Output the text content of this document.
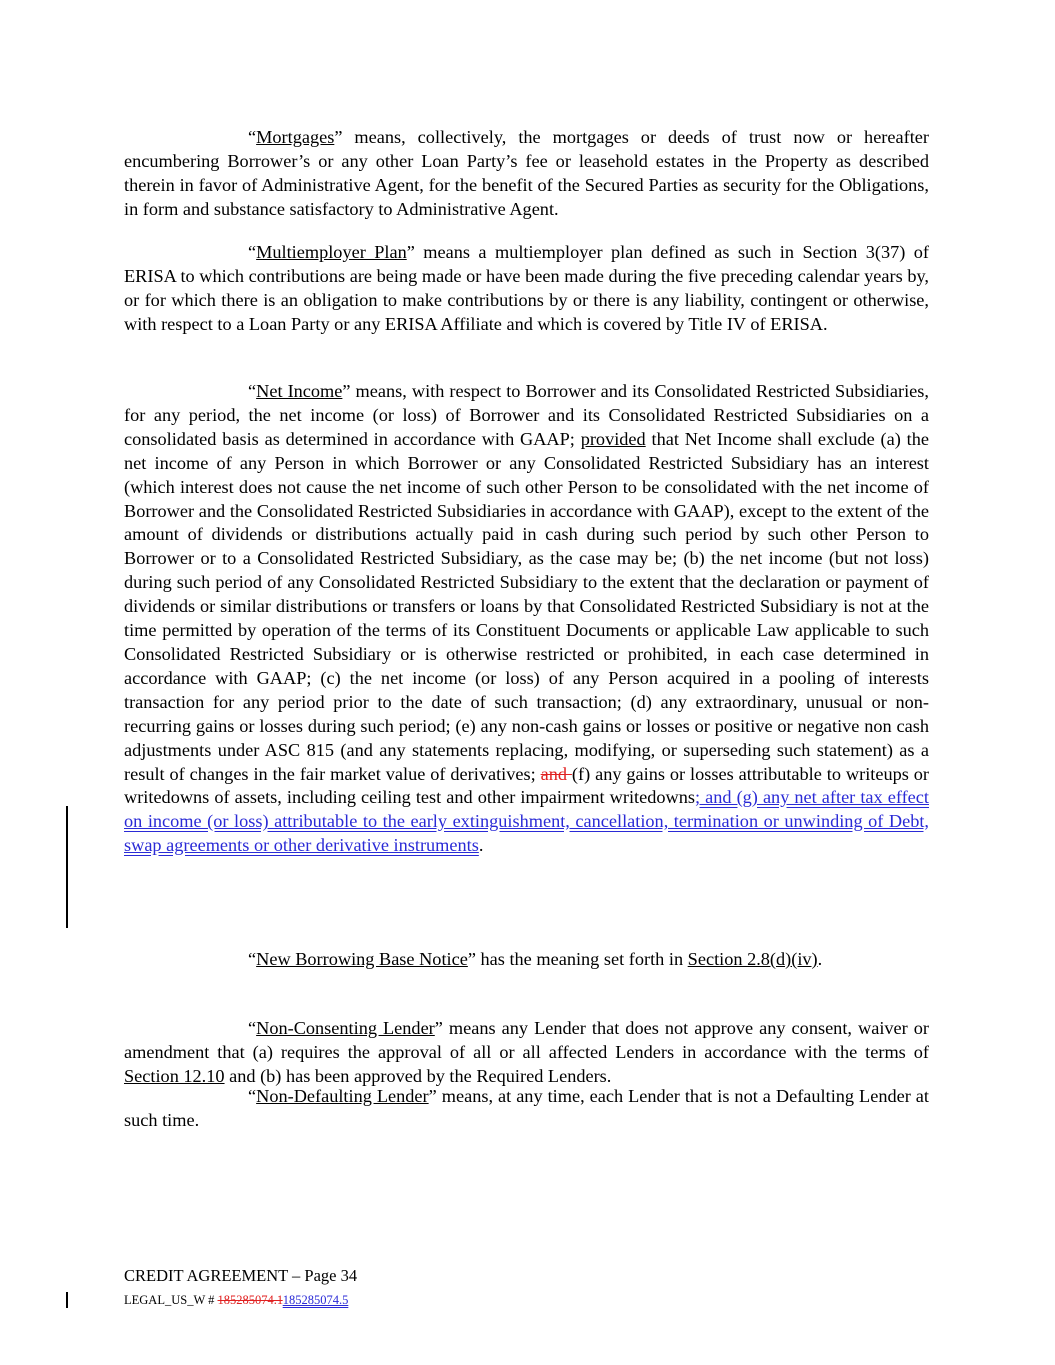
“Mortgages” means, collectively, the mortgages or deeds of trust now or hereafter encumbering Borrower’s or any other Loan Party’s fee or leasehold estates in the Property as described therein in favor of Administrative Agent, for the benefit of the Secured Parties as security for the Obligations, in form and substance satisfactory to Administrative Agent.

“Multiemployer Plan” means a multiemployer plan defined as such in Section 3(37) of ERISA to which contributions are being made or have been made during the five preceding calendar years by, or for which there is an obligation to make contributions by or there is any liability, contingent or otherwise, with respect to a Loan Party or any ERISA Affiliate and which is covered by Title IV of ERISA.

“Net Income” means, with respect to Borrower and its Consolidated Restricted Subsidiaries, for any period, the net income (or loss) of Borrower and its Consolidated Restricted Subsidiaries on a consolidated basis as determined in accordance with GAAP; provided that Net Income shall exclude (a) the net income of any Person in which Borrower or any Consolidated Restricted Subsidiary has an interest (which interest does not cause the net income of such other Person to be consolidated with the net income of Borrower and the Consolidated Restricted Subsidiaries in accordance with GAAP), except to the extent of the amount of dividends or distributions actually paid in cash during such period by such other Person to Borrower or to a Consolidated Restricted Subsidiary, as the case may be; (b) the net income (but not loss) during such period of any Consolidated Restricted Subsidiary to the extent that the declaration or payment of dividends or similar distributions or transfers or loans by that Consolidated Restricted Subsidiary is not at the time permitted by operation of the terms of its Constituent Documents or applicable Law applicable to such Consolidated Restricted Subsidiary or is otherwise restricted or prohibited, in each case determined in accordance with GAAP; (c) the net income (or loss) of any Person acquired in a pooling of interests transaction for any period prior to the date of such transaction; (d) any extraordinary, unusual or non-recurring gains or losses during such period; (e) any non-cash gains or losses or positive or negative non cash adjustments under ASC 815 (and any statements replacing, modifying, or superseding such statement) as a result of changes in the fair market value of derivatives; and (f) any gains or losses attributable to writeups or writedowns of assets, including ceiling test and other impairment writedowns; and (g) any net after tax effect on income (or loss) attributable to the early extinguishment, cancellation, termination or unwinding of Debt, swap agreements or other derivative instruments.

“New Borrowing Base Notice” has the meaning set forth in Section 2.8(d)(iv).

“Non-Consenting Lender” means any Lender that does not approve any consent, waiver or amendment that (a) requires the approval of all or all affected Lenders in accordance with the terms of Section 12.10 and (b) has been approved by the Required Lenders.

“Non-Defaulting Lender” means, at any time, each Lender that is not a Defaulting Lender at such time.

CREDIT AGREEMENT – Page 34
LEGAL_US_W # 185285074.1185285074.5
